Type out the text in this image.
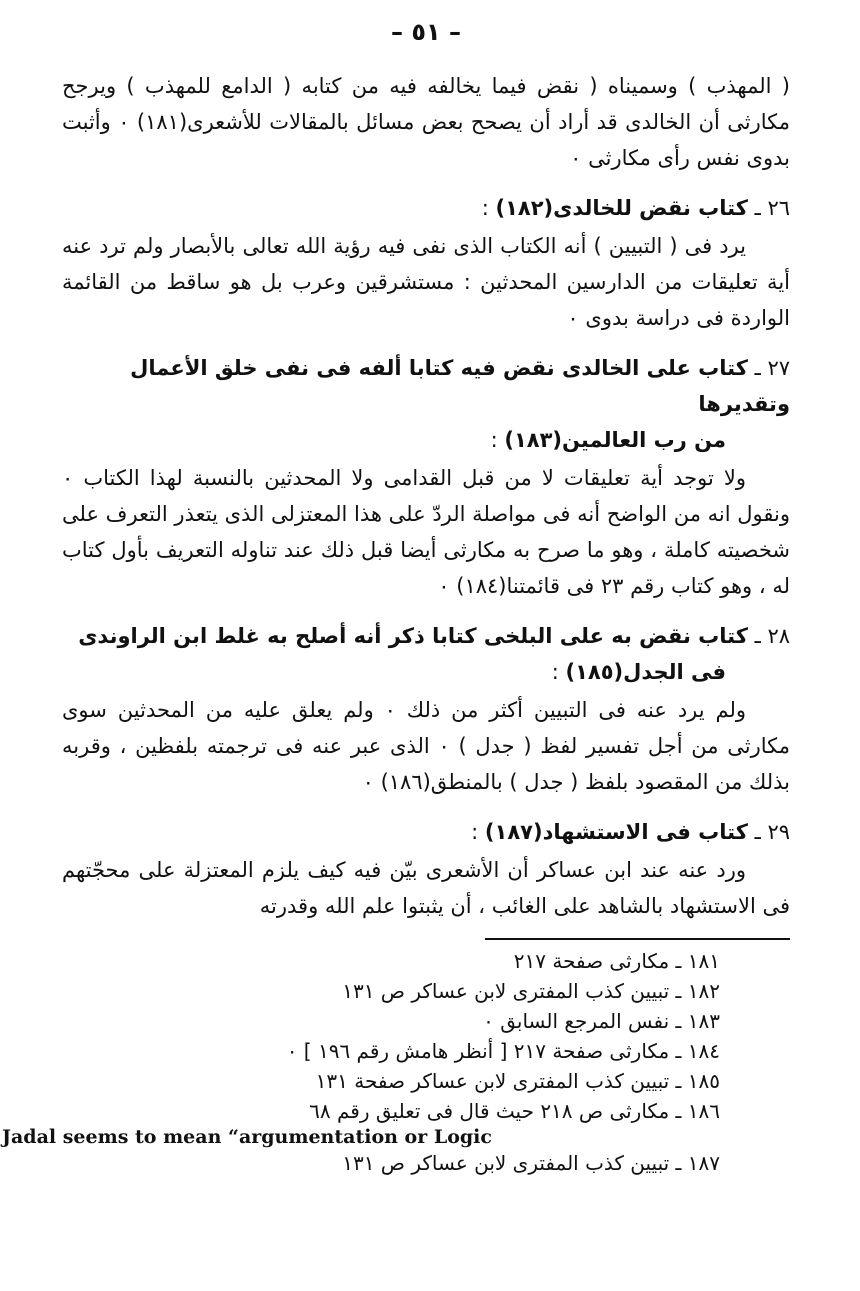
– ٥١ –

( المهذب ) وسميناه ( نقض فيما يخالفه فيه من كتابه ( الدامع للمهذب ) ويرجح مكارثى أن الخالدى قد أراد أن يصحح بعض مسائل بالمقالات للأشعرى(١٨١) ٠ وأثبت بدوى نفس رأى مكارثى ٠

٢٦ ـ كتاب نقض للخالدى(١٨٢) :

يرد فى ( التبيين ) أنه الكتاب الذى نفى فيه رؤية الله تعالى بالأبصار ولم ترد عنه أية تعليقات من الدارسين المحدثين : مستشرقين وعرب بل هو ساقط من القائمة الواردة فى دراسة بدوى ٠

٢٧ ـ كتاب على الخالدى نقض فيه كتابا ألفه فى نفى خلق الأعمال وتقديرها
من رب العالمين(١٨٣) :

ولا توجد أية تعليقات لا من قبل القدامى ولا المحدثين بالنسبة لهذا الكتاب ٠ ونقول انه من الواضح أنه فى مواصلة الردّ على هذا المعتزلى الذى يتعذر التعرف على شخصيته كاملة ، وهو ما صرح به مكارثى أيضا قبل ذلك عند تناوله التعريف بأول كتاب له ، وهو كتاب رقم ٢٣ فى قائمتنا(١٨٤) ٠

٢٨ ـ كتاب نقض به على البلخى كتابا ذكر أنه أصلح به غلط ابن الراوندى
فى الجدل(١٨٥) :

ولم يرد عنه فى التبيين أكثر من ذلك ٠ ولم يعلق عليه من المحدثين سوى مكارثى من أجل تفسير لفظ ( جدل ) ٠ الذى عبر عنه فى ترجمته بلفظين ، وقربه بذلك من المقصود بلفظ ( جدل ) بالمنطق(١٨٦) ٠

٢٩ ـ كتاب فى الاستشهاد(١٨٧) :

ورد عنه عند ابن عساكر أن الأشعرى بيّن فيه كيف يلزم المعتزلة على محجّتهم فى الاستشهاد بالشاهد على الغائب ، أن يثبتوا علم الله وقدرته

١٨١ ـ مكارثى صفحة ٢١٧
١٨٢ ـ تبيين كذب المفترى لابن عساكر ص ١٣١
١٨٣ ـ نفس المرجع السابق ٠
١٨٤ ـ مكارثى صفحة ٢١٧ [ أنظر هامش رقم ١٩٦ ] ٠
١٨٥ ـ تبيين كذب المفترى لابن عساكر صفحة ١٣١
١٨٦ ـ مكارثى ص ٢١٨ حيث قال فى تعليق رقم ٦٨

Jadal seems to mean “argumentation or Logic

١٨٧ ـ تبيين كذب المفترى لابن عساكر ص ١٣١
